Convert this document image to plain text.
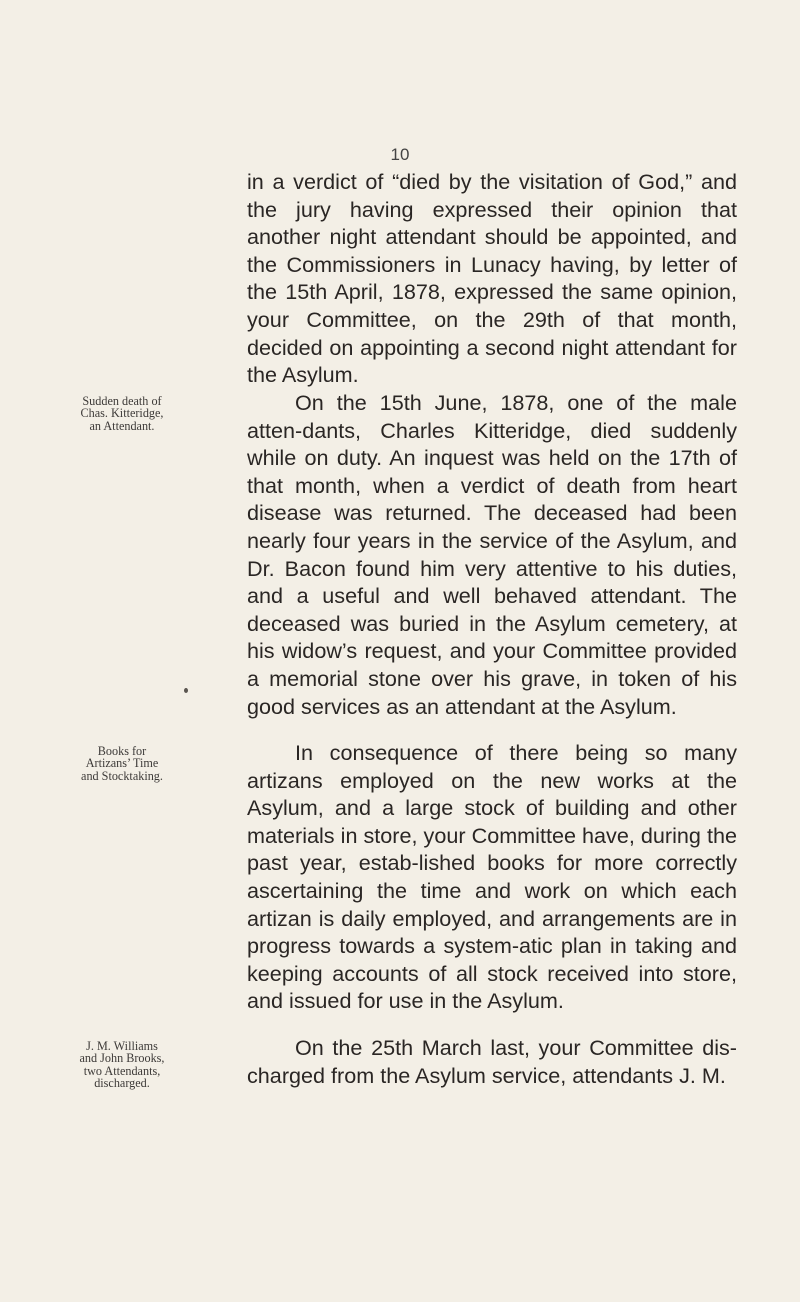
10

in a verdict of “died by the visitation of God,” and the jury having expressed their opinion that another night attendant should be appointed, and the Commissioners in Lunacy having, by letter of the 15th April, 1878, expressed the same opinion, your Committee, on the 29th of that month, decided on appointing a second night attendant for the Asylum.

Sudden death of
Chas. Kitteridge,
an Attendant.

On the 15th June, 1878, one of the male atten-dants, Charles Kitteridge, died suddenly while on duty. An inquest was held on the 17th of that month, when a verdict of death from heart disease was returned. The deceased had been nearly four years in the service of the Asylum, and Dr. Bacon found him very attentive to his duties, and a useful and well behaved attendant. The deceased was buried in the Asylum cemetery, at his widow’s request, and your Committee provided a memorial stone over his grave, in token of his good services as an attendant at the Asylum.

Books for
Artizans’ Time
and Stocktaking.

In consequence of there being so many artizans employed on the new works at the Asylum, and a large stock of building and other materials in store, your Committee have, during the past year, estab-lished books for more correctly ascertaining the time and work on which each artizan is daily employed, and arrangements are in progress towards a system-atic plan in taking and keeping accounts of all stock received into store, and issued for use in the Asylum.

J. M. Williams
and John Brooks,
two Attendants,
discharged.

On the 25th March last, your Committee dis-charged from the Asylum service, attendants J. M.
